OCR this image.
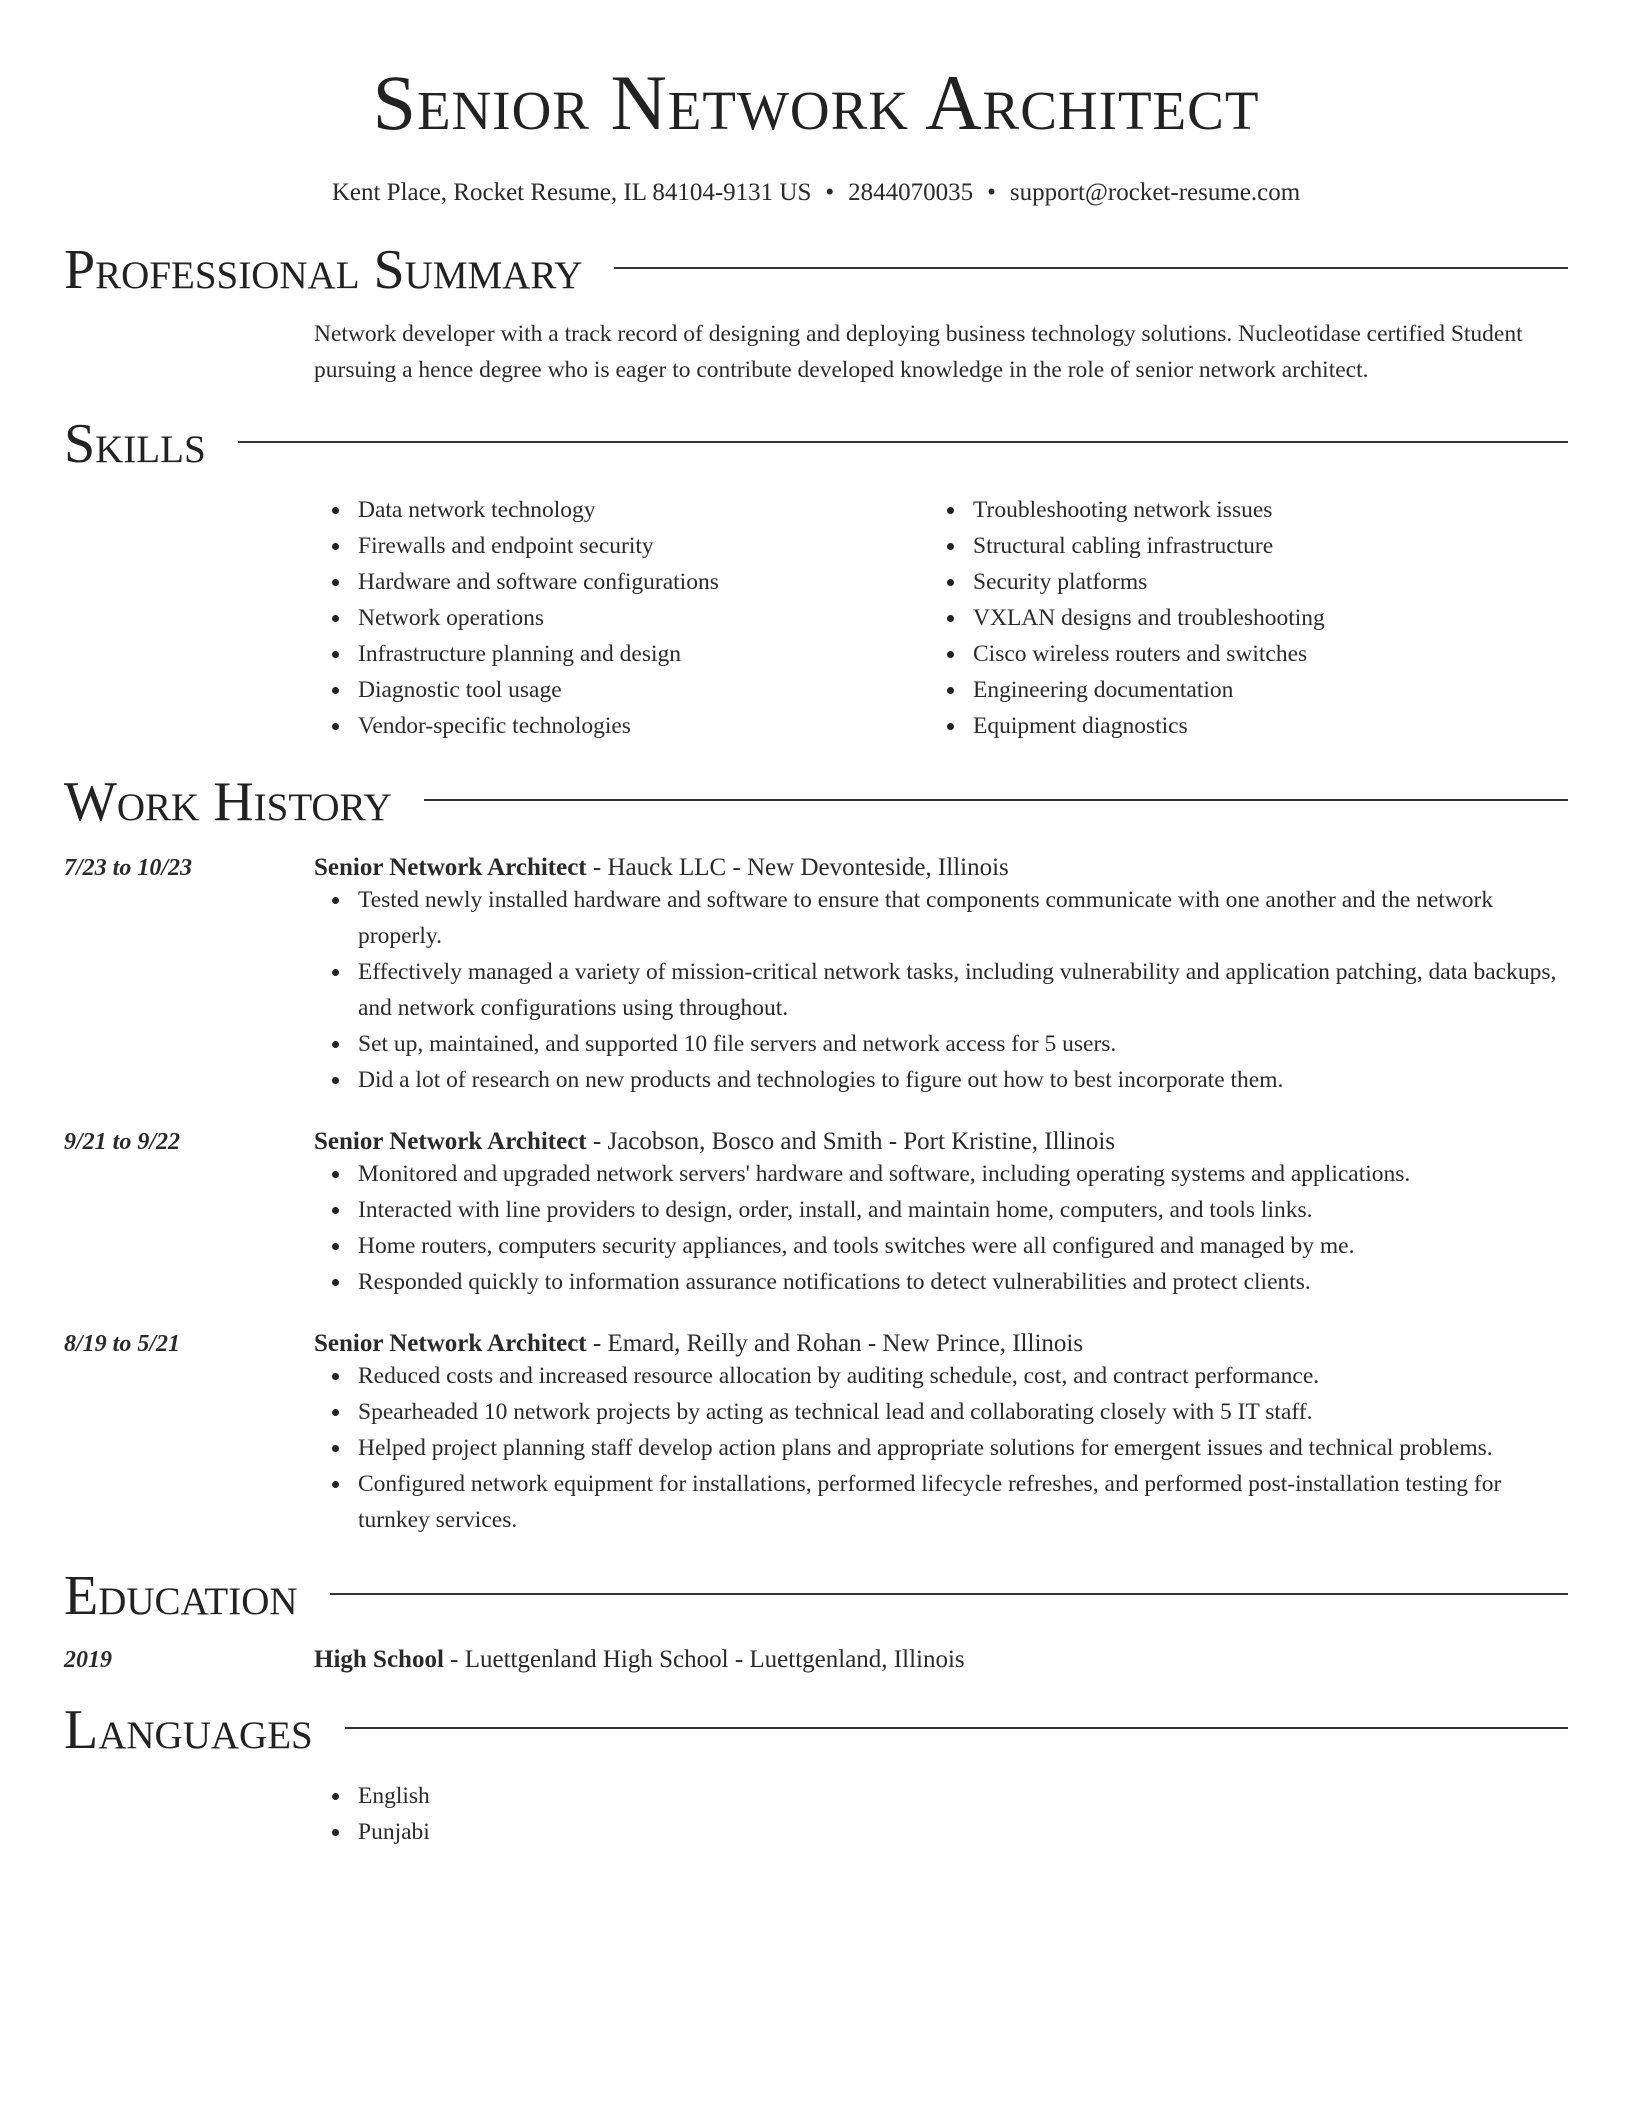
Senior Network Architect
Kent Place, Rocket Resume, IL 84104-9131 US • 2844070035 • support@rocket-resume.com
Professional Summary
Network developer with a track record of designing and deploying business technology solutions. Nucleotidase certified Student pursuing a hence degree who is eager to contribute developed knowledge in the role of senior network architect.
Skills
Data network technology
Firewalls and endpoint security
Hardware and software configurations
Network operations
Infrastructure planning and design
Diagnostic tool usage
Vendor-specific technologies
Troubleshooting network issues
Structural cabling infrastructure
Security platforms
VXLAN designs and troubleshooting
Cisco wireless routers and switches
Engineering documentation
Equipment diagnostics
Work History
7/23 to 10/23	Senior Network Architect - Hauck LLC - New Devonteside, Illinois
Tested newly installed hardware and software to ensure that components communicate with one another and the network properly.
Effectively managed a variety of mission-critical network tasks, including vulnerability and application patching, data backups, and network configurations using throughout.
Set up, maintained, and supported 10 file servers and network access for 5 users.
Did a lot of research on new products and technologies to figure out how to best incorporate them.
9/21 to 9/22	Senior Network Architect - Jacobson, Bosco and Smith - Port Kristine, Illinois
Monitored and upgraded network servers' hardware and software, including operating systems and applications.
Interacted with line providers to design, order, install, and maintain home, computers, and tools links.
Home routers, computers security appliances, and tools switches were all configured and managed by me.
Responded quickly to information assurance notifications to detect vulnerabilities and protect clients.
8/19 to 5/21	Senior Network Architect - Emard, Reilly and Rohan - New Prince, Illinois
Reduced costs and increased resource allocation by auditing schedule, cost, and contract performance.
Spearheaded 10 network projects by acting as technical lead and collaborating closely with 5 IT staff.
Helped project planning staff develop action plans and appropriate solutions for emergent issues and technical problems.
Configured network equipment for installations, performed lifecycle refreshes, and performed post-installation testing for turnkey services.
Education
2019	High School - Luettgenland High School - Luettgenland, Illinois
Languages
English
Punjabi
